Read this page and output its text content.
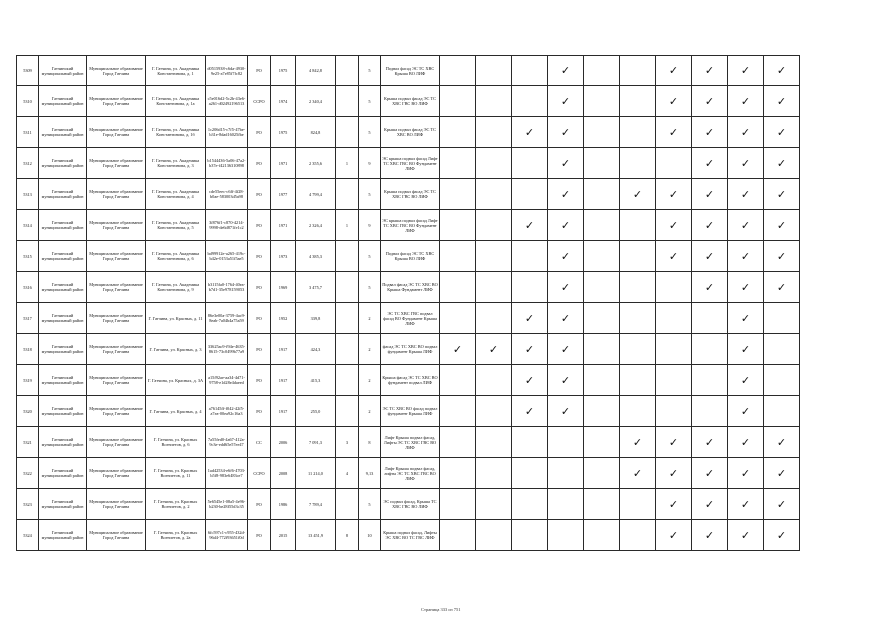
5309	Гатчинский муниципальный район	Муниципальное образование Город Гатчина	Г. Гатчина, ул. Академика Константинова, д. 1	d0515938-c6da-4930-9e25-a7e85f7fc82	РО	1975	4 842,8		5	Подвал фасад ЭС ТС ХВС Крыша ВО ЛИФ				✓			✓	✓	✓	✓
5310	Гатчинский муниципальный район	Муниципальное образование Город Гатчина	Г. Гатчина, ул. Академика Константинова, д. 1а	c5e016d2-5c2b-43e6-a261-d02492196513	ССРО	1974	2 340,4		5	Крыша подвал фасад ЭС ТС ХВС ГВС ВО ЛИФ				✓			✓	✓	✓	✓
5311	Гатчинский муниципальный район	Муниципальное образование Город Гатчина	Г. Гатчина, ул. Академика Константинова, д. 1б	1c206d15-c7f5-47be-b31e-8dad16025fbe	РО	1975	824,8		5	Крыша подвал фасад ЭС ТС ХВС ВО ЛИФ			✓	✓			✓	✓	✓	✓
5312	Гатчинский муниципальный район	Муниципальное образование Город Гатчина	Г. Гатчина, ул. Академика Константинова, д. 3	b1544436-5a06-47a2-b37e-f42136310898	РО	1971	2 355,6	1	9	ЭС крыша подвал фасад Лифт ТС ХВС ГВС ВО Фундамент ЛИФ				✓				✓	✓	✓
5313	Гатчинский муниципальный район	Муниципальное образование Город Гатчина	Г. Гатчина, ул. Академика Константинова, д. 4	cde55eec-c6ff-4f28-b0ae-583003d5a98	РО	1977	4 799,4		5	Крыша подвал фасад ЭС ТС ХВС ГВС ВО ЛИФ				✓		✓	✓	✓	✓	✓
5314	Гатчинский муниципальный район	Муниципальное образование Город Гатчина	Г. Гатчина, ул. Академика Константинова, д. 5	3f876f1-c870-4214-9998-de6d871fe1c2	РО	1971	2 326,4	1	9	ЭС крыша подвал фасад Лифт ТС ХВС ГВС ВО Фундамент ЛИФ			✓	✓			✓	✓	✓	✓
5315	Гатчинский муниципальный район	Муниципальное образование Город Гатчина	Г. Гатчина, ул. Академика Константинова, д. 6	bd99912e-a265-419c-b42e-0153a51f5ae5	РО	1973	4 385,3		5	Подвал фасад ЭС ТС ХВС Крыша ВО ЛИФ				✓			✓	✓	✓	✓
5316	Гатчинский муниципальный район	Муниципальное образование Город Гатчина	Г. Гатчина, ул. Академика Константинова, д. 9	b3115fa0-1764-40ea-b7d1-35e978159053	РО	1969	3 475,7		5	Подвал фасад ЭС ТС ХВС ВО Крыша Фундамент ЛИФ				✓				✓	✓	✓
5317	Гатчинский муниципальный район	Муниципальное образование Город Гатчина	Г. Гатчина, ул. Красных, д. 11	86e3e00a-3759-4ac9-8eab-7a04b4a75a59	РО	1952	339,8		2	ЭС ТС ХВС ГВС подвал фасад ВО Фундамент Крыша ЛИФ			✓	✓					✓	
5318	Гатчинский муниципальный район	Муниципальное образование Город Гатчина	Г. Гатчина, ул. Красных, д. 3	33625ac9-f94e-4635-8615-73c0499b77a9	РО	1917	424,3		2	фасад ЭС ТС ХВС ВО подвал фундамент Крыша ЛИФ	✓	✓	✓	✓					✓	
5319	Гатчинский муниципальный район	Муниципальное образование Город Гатчина	Г. Гатчина, ул. Красных, д. 3А	a15f92ae-aa34-4d71-9758-e1d28e4daeed	РО	1917	415,3		2	Крыша фасад ЭС ТС ХВС ВО фундамент подвал ЛИФ			✓	✓					✓	
5320	Гатчинский муниципальный район	Муниципальное образование Город Гатчина	Г. Гатчина, ул. Красных, д. 4	a76145ff-f042-42f5-a7ea-00ea92c16a3	РО	1917	255,0		2	ЭС ТС ХВС ВО фасад подвал фундамент Крыша ЛИФ			✓	✓					✓	
5321	Гатчинский муниципальный район	Муниципальное образование Город Гатчина	Г. Гатчина, ул. Красных Военлетов, д. 6	7a55fed0-4a67-412a-9c3e-edd65e57ee47	СС	2006	7 091,3	3	8	Лифт Крыша подвал фасад, Лифты ЭС ТС ХВС ГВС ВО ЛИФ						✓	✓	✓	✓	✓
5322	Гатчинский муниципальный район	Муниципальное образование Город Гатчина	Г. Гатчина, ул. Красных Военлетов, д. 11	1ad42534-e6f6-4703-b5f8-983e6483ce7	ССРО	2008	11 214,0	4	9,13	Лифт Крыша подвал фасад, лифты ЭС ТС ХВС ГВС ВО ЛИФ						✓	✓	✓	✓	✓
5323	Гатчинский муниципальный район	Муниципальное образование Город Гатчина	Г. Гатчина, ул. Красных Военлетов, д. 2	5e6545e1-08a5-4e96-b230-be28f55d3c35	РО	1986	7 789,4		5	ЭС подвал фасад, Крыша ТС ХВС ГВС ВО ЛИФ							✓	✓	✓	✓
5324	Гатчинский муниципальный район	Муниципальное образование Город Гатчина	Г. Гатчина, ул. Красных Военлетов, д. 2а	6fc597c1-c955-432d-96d4-772f93651f0d	РО	2015	13 451,9	8	10	Крыша подвал фасад, Лифты ЭС ХВС ВО ТС ГВС ЛИФ							✓	✓	✓	✓
Страница 333 из 751
